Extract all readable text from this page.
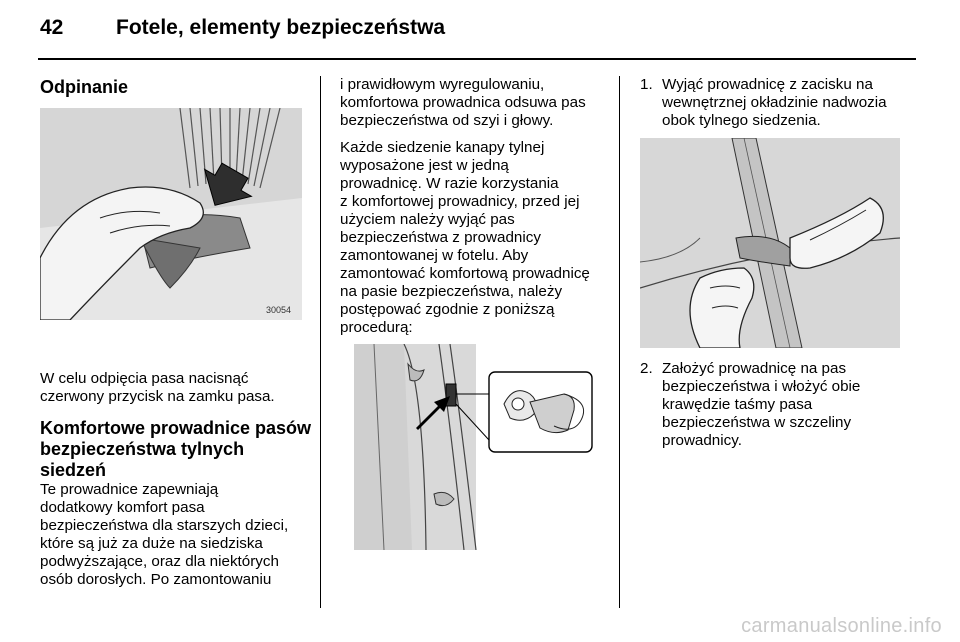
42	Fotele, elementy bezpieczeństwa
Odpinanie

W celu odpięcia pasa nacisnąć
czerwony przycisk na zamku pasa.

Komfortowe prowadnice pasów
bezpieczeństwa tylnych
siedzeń

Te prowadnice zapewniają
dodatkowy komfort pasa
bezpieczeństwa dla starszych dzieci,
które są już za duże na siedziska
podwyższające, oraz dla niektórych
osób dorosłych. Po zamontowaniu

30054

i prawidłowym wyregulowaniu,
komfortowa prowadnica odsuwa pas
bezpieczeństwa od szyi i głowy.

Każde siedzenie kanapy tylnej
wyposażone jest w jedną
prowadnicę. W razie korzystania
z komfortowej prowadnicy, przed jej
użyciem należy wyjąć pas
bezpieczeństwa z prowadnicy
zamontowanej w fotelu. Aby
zamontować komfortową prowadnicę
na pasie bezpieczeństwa, należy
postępować zgodnie z poniższą
procedurą:

1. Wyjąć prowadnicę z zacisku na
wewnętrznej okładzinie nadwozia
obok tylnego siedzenia.
2. Założyć prowadnicę na pas
bezpieczeństwa i włożyć obie
krawędzie taśmy pasa
bezpieczeństwa w szczeliny
prowadnicy.
carmanualsonline.info
